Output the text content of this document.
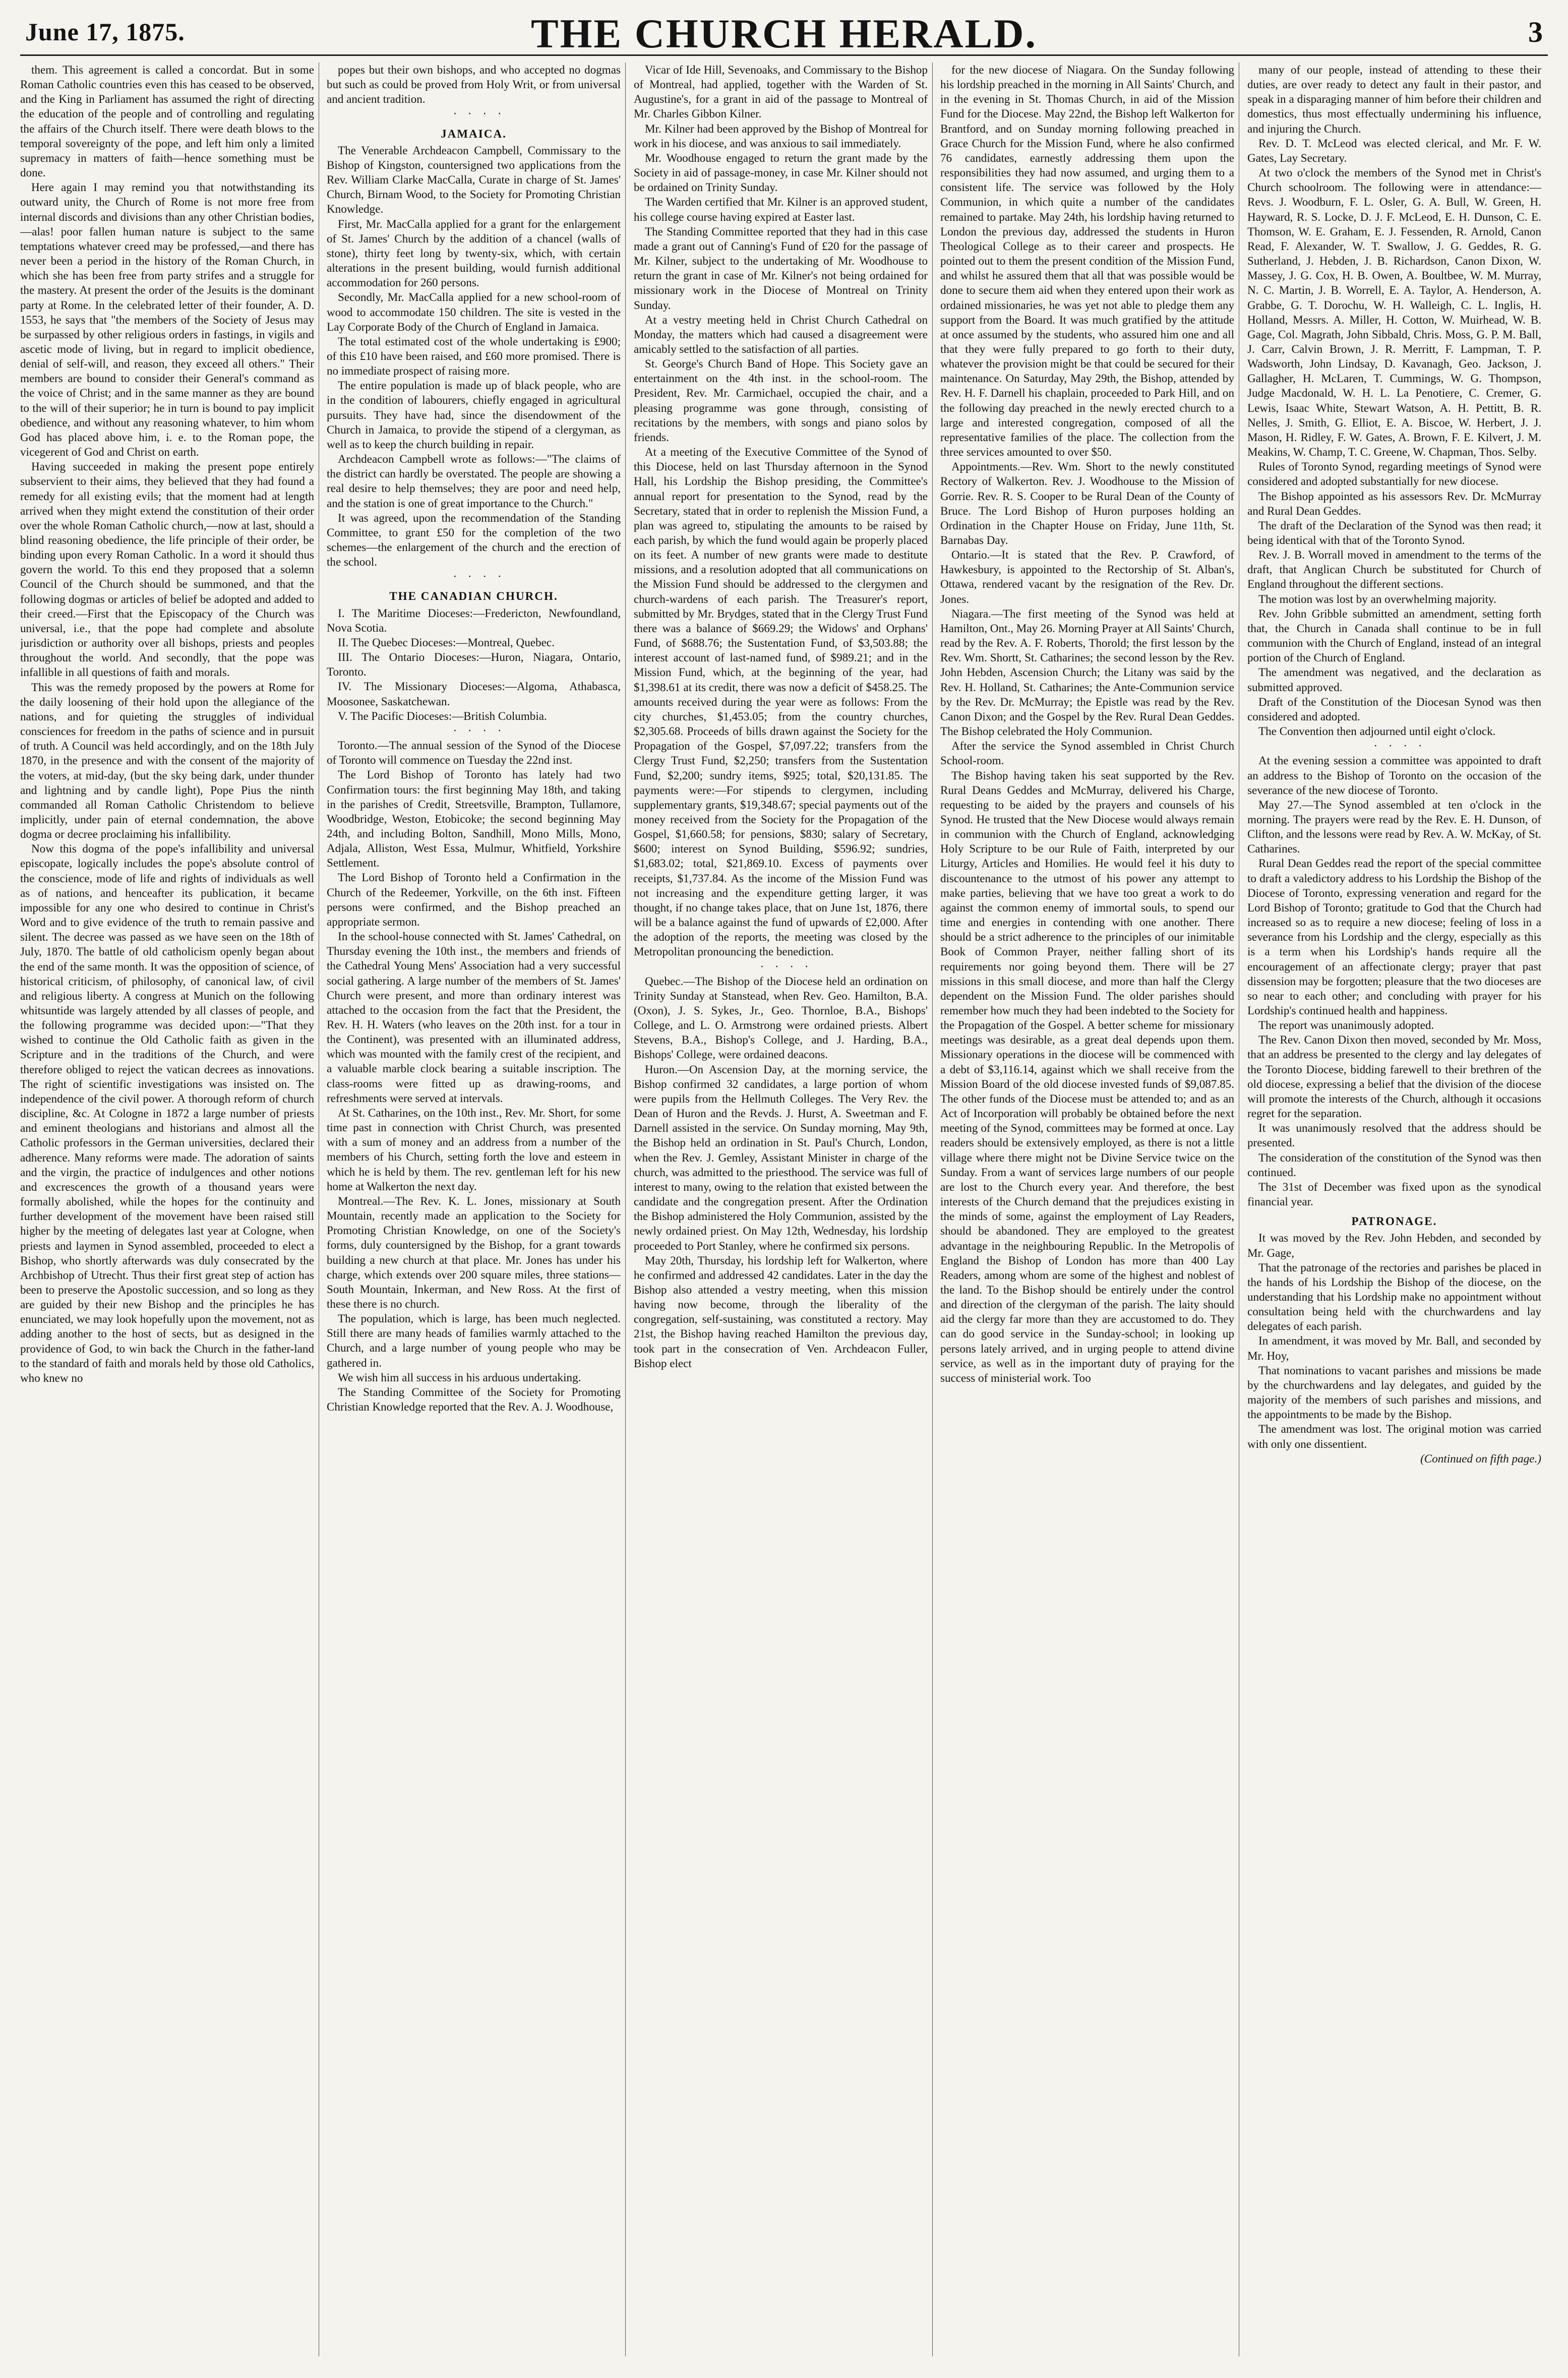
June 17, 1875.	THE CHURCH HERALD.	3

them. This agreement is called a concordat. But in some Roman Catholic countries even this has ceased to be observed, and the King in Parliament has assumed the right of directing the education of the people and of controlling and regulating the affairs of the Church itself. There were death blows to the temporal sovereignty of the pope, and left him only a limited supremacy in matters of faith—hence something must be done.

Here again I may remind you that notwithstanding its outward unity, the Church of Rome is not more free from internal discords and divisions than any other Christian bodies,—alas! poor fallen human nature is subject to the same temptations whatever creed may be professed,—and there has never been a period in the history of the Roman Church, in which she has been free from party strifes and a struggle for the mastery. At present the order of the Jesuits is the dominant party at Rome. In the celebrated letter of their founder, A. D. 1553, he says that "the members of the Society of Jesus may be surpassed by other religious orders in fastings, in vigils and ascetic mode of living, but in regard to implicit obedience, denial of self-will, and reason, they exceed all others." Their members are bound to consider their General's command as the voice of Christ; and in the same manner as they are bound to the will of their superior; he in turn is bound to pay implicit obedience, and without any reasoning whatever, to him whom God has placed above him, i. e. to the Roman pope, the vicegerent of God and Christ on earth.

Having succeeded in making the present pope entirely subservient to their aims, they believed that they had found a remedy for all existing evils; that the moment had at length arrived when they might extend the constitution of their order over the whole Roman Catholic church,—now at last, should a blind reasoning obedience, the life principle of their order, be binding upon every Roman Catholic. In a word it should thus govern the world. To this end they proposed that a solemn Council of the Church should be summoned, and that the following dogmas or articles of belief be adopted and added to their creed.—First that the Episcopacy of the Church was universal, i.e., that the pope had complete and absolute jurisdiction or authority over all bishops, priests and peoples throughout the world. And secondly, that the pope was infallible in all questions of faith and morals.

This was the remedy proposed by the powers at Rome for the daily loosening of their hold upon the allegiance of the nations, and for quieting the struggles of individual consciences for freedom in the paths of science and in pursuit of truth. A Council was held accordingly, and on the 18th July 1870, in the presence and with the consent of the majority of the voters, at mid-day, (but the sky being dark, under thunder and lightning and by candle light), Pope Pius the ninth commanded all Roman Catholic Christendom to believe implicitly, under pain of eternal condemnation, the above dogma or decree proclaiming his infallibility.

Now this dogma of the pope's infallibility and universal episcopate, logically includes the pope's absolute control of the conscience, mode of life and rights of individuals as well as of nations, and henceafter its publication, it became impossible for any one who desired to continue in Christ's Word and to give evidence of the truth to remain passive and silent. The decree was passed as we have seen on the 18th of July, 1870. The battle of old catholicism openly began about the end of the same month. It was the opposition of science, of historical criticism, of philosophy, of canonical law, of civil and religious liberty. A congress at Munich on the following whitsuntide was largely attended by all classes of people, and the following programme was decided upon:—"That they wished to continue the Old Catholic faith as given in the Scripture and in the traditions of the Church, and were therefore obliged to reject the vatican decrees as innovations. The right of scientific investigations was insisted on. The independence of the civil power. A thorough reform of church discipline, &c. At Cologne in 1872 a large number of priests and eminent theologians and historians and almost all the Catholic professors in the German universities, declared their adherence. Many reforms were made. The adoration of saints and the virgin, the practice of indulgences and other notions and excrescences the growth of a thousand years were formally abolished, while the hopes for the continuity and further development of the movement have been raised still higher by the meeting of delegates last year at Cologne, when priests and laymen in Synod assembled, proceeded to elect a Bishop, who shortly afterwards was duly consecrated by the Archbishop of Utrecht. Thus their first great step of action has been to preserve the Apostolic succession, and so long as they are guided by their new Bishop and the principles he has enunciated, we may look hopefully upon the movement, not as adding another to the host of sects, but as designed in the providence of God, to win back the Church in the father-land to the standard of faith and morals held by those old Catholics, who knew no

popes but their own bishops, and who accepted no dogmas but such as could be proved from Holy Writ, or from universal and ancient tradition.

· · · ·

JAMAICA.

The Venerable Archdeacon Campbell, Commissary to the Bishop of Kingston, countersigned two applications from the Rev. William Clarke MacCalla, Curate in charge of St. James' Church, Birnam Wood, to the Society for Promoting Christian Knowledge.

First, Mr. MacCalla applied for a grant for the enlargement of St. James' Church by the addition of a chancel (walls of stone), thirty feet long by twenty-six, which, with certain alterations in the present building, would furnish additional accommodation for 260 persons.

Secondly, Mr. MacCalla applied for a new school-room of wood to accommodate 150 children. The site is vested in the Lay Corporate Body of the Church of England in Jamaica.

The total estimated cost of the whole undertaking is £900; of this £10 have been raised, and £60 more promised. There is no immediate prospect of raising more.

The entire population is made up of black people, who are in the condition of labourers, chiefly engaged in agricultural pursuits. They have had, since the disendowment of the Church in Jamaica, to provide the stipend of a clergyman, as well as to keep the church building in repair.

Archdeacon Campbell wrote as follows:—"The claims of the district can hardly be overstated. The people are showing a real desire to help themselves; they are poor and need help, and the station is one of great importance to the Church."

It was agreed, upon the recommendation of the Standing Committee, to grant £50 for the completion of the two schemes—the enlargement of the church and the erection of the school.

· · · ·

THE CANADIAN CHURCH.

I. The Maritime Dioceses:—Fredericton, Newfoundland, Nova Scotia.

II. The Quebec Dioceses:—Montreal, Quebec.

III. The Ontario Dioceses:—Huron, Niagara, Ontario, Toronto.

IV. The Missionary Dioceses:—Algoma, Athabasca, Moosonee, Saskatchewan.

V. The Pacific Dioceses:—British Columbia.

· · · ·

Toronto.—The annual session of the Synod of the Diocese of Toronto will commence on Tuesday the 22nd inst.

The Lord Bishop of Toronto has lately had two Confirmation tours: the first beginning May 18th, and taking in the parishes of Credit, Streetsville, Brampton, Tullamore, Woodbridge, Weston, Etobicoke; the second beginning May 24th, and including Bolton, Sandhill, Mono Mills, Mono, Adjala, Alliston, West Essa, Mulmur, Whitfield, Yorkshire Settlement.

The Lord Bishop of Toronto held a Confirmation in the Church of the Redeemer, Yorkville, on the 6th inst. Fifteen persons were confirmed, and the Bishop preached an appropriate sermon.

In the school-house connected with St. James' Cathedral, on Thursday evening the 10th inst., the members and friends of the Cathedral Young Mens' Association had a very successful social gathering. A large number of the members of St. James' Church were present, and more than ordinary interest was attached to the occasion from the fact that the President, the Rev. H. H. Waters (who leaves on the 20th inst. for a tour in the Continent), was presented with an illuminated address, which was mounted with the family crest of the recipient, and a valuable marble clock bearing a suitable inscription. The class-rooms were fitted up as drawing-rooms, and refreshments were served at intervals.

At St. Catharines, on the 10th inst., Rev. Mr. Short, for some time past in connection with Christ Church, was presented with a sum of money and an address from a number of the members of his Church, setting forth the love and esteem in which he is held by them. The rev. gentleman left for his new home at Walkerton the next day.

Montreal.—The Rev. K. L. Jones, missionary at South Mountain, recently made an application to the Society for Promoting Christian Knowledge, on one of the Society's forms, duly countersigned by the Bishop, for a grant towards building a new church at that place. Mr. Jones has under his charge, which extends over 200 square miles, three stations—South Mountain, Inkerman, and New Ross. At the first of these there is no church.

The population, which is large, has been much neglected. Still there are many heads of families warmly attached to the Church, and a large number of young people who may be gathered in.

We wish him all success in his arduous undertaking.

The Standing Committee of the Society for Promoting Christian Knowledge reported that the Rev. A. J. Woodhouse,

Vicar of Ide Hill, Sevenoaks, and Commissary to the Bishop of Montreal, had applied, together with the Warden of St. Augustine's, for a grant in aid of the passage to Montreal of Mr. Charles Gibbon Kilner.

Mr. Kilner had been approved by the Bishop of Montreal for work in his diocese, and was anxious to sail immediately.

Mr. Woodhouse engaged to return the grant made by the Society in aid of passage-money, in case Mr. Kilner should not be ordained on Trinity Sunday.

The Warden certified that Mr. Kilner is an approved student, his college course having expired at Easter last.

The Standing Committee reported that they had in this case made a grant out of Canning's Fund of £20 for the passage of Mr. Kilner, subject to the undertaking of Mr. Woodhouse to return the grant in case of Mr. Kilner's not being ordained for missionary work in the Diocese of Montreal on Trinity Sunday.

At a vestry meeting held in Christ Church Cathedral on Monday, the matters which had caused a disagreement were amicably settled to the satisfaction of all parties.

St. George's Church Band of Hope. This Society gave an entertainment on the 4th inst. in the school-room. The President, Rev. Mr. Carmichael, occupied the chair, and a pleasing programme was gone through, consisting of recitations by the members, with songs and piano solos by friends.

At a meeting of the Executive Committee of the Synod of this Diocese, held on last Thursday afternoon in the Synod Hall, his Lordship the Bishop presiding, the Committee's annual report for presentation to the Synod, read by the Secretary, stated that in order to replenish the Mission Fund, a plan was agreed to, stipulating the amounts to be raised by each parish, by which the fund would again be properly placed on its feet. A number of new grants were made to destitute missions, and a resolution adopted that all communications on the Mission Fund should be addressed to the clergymen and church-wardens of each parish. The Treasurer's report, submitted by Mr. Brydges, stated that in the Clergy Trust Fund there was a balance of $669.29; the Widows' and Orphans' Fund, of $688.76; the Sustentation Fund, of $3,503.88; the interest account of last-named fund, of $989.21; and in the Mission Fund, which, at the beginning of the year, had $1,398.61 at its credit, there was now a deficit of $458.25. The amounts received during the year were as follows: From the city churches, $1,453.05; from the country churches, $2,305.68. Proceeds of bills drawn against the Society for the Propagation of the Gospel, $7,097.22; transfers from the Clergy Trust Fund, $2,250; transfers from the Sustentation Fund, $2,200; sundry items, $925; total, $20,131.85. The payments were:—For stipends to clergymen, including supplementary grants, $19,348.67; special payments out of the money received from the Society for the Propagation of the Gospel, $1,660.58; for pensions, $830; salary of Secretary, $600; interest on Synod Building, $596.92; sundries, $1,683.02; total, $21,869.10. Excess of payments over receipts, $1,737.84. As the income of the Mission Fund was not increasing and the expenditure getting larger, it was thought, if no change takes place, that on June 1st, 1876, there will be a balance against the fund of upwards of £2,000. After the adoption of the reports, the meeting was closed by the Metropolitan pronouncing the benediction.

· · · ·

Quebec.—The Bishop of the Diocese held an ordination on Trinity Sunday at Stanstead, when Rev. Geo. Hamilton, B.A. (Oxon), J. S. Sykes, Jr., Geo. Thornloe, B.A., Bishops' College, and L. O. Armstrong were ordained priests. Albert Stevens, B.A., Bishop's College, and J. Harding, B.A., Bishops' College, were ordained deacons.

Huron.—On Ascension Day, at the morning service, the Bishop confirmed 32 candidates, a large portion of whom were pupils from the Hellmuth Colleges. The Very Rev. the Dean of Huron and the Revds. J. Hurst, A. Sweetman and F. Darnell assisted in the service. On Sunday morning, May 9th, the Bishop held an ordination in St. Paul's Church, London, when the Rev. J. Gemley, Assistant Minister in charge of the church, was admitted to the priesthood. The service was full of interest to many, owing to the relation that existed between the candidate and the congregation present. After the Ordination the Bishop administered the Holy Communion, assisted by the newly ordained priest. On May 12th, Wednesday, his lordship proceeded to Port Stanley, where he confirmed six persons.

May 20th, Thursday, his lordship left for Walkerton, where he confirmed and addressed 42 candidates. Later in the day the Bishop also attended a vestry meeting, when this mission having now become, through the liberality of the congregation, self-sustaining, was constituted a rectory. May 21st, the Bishop having reached Hamilton the previous day, took part in the consecration of Ven. Archdeacon Fuller, Bishop elect

for the new diocese of Niagara. On the Sunday following his lordship preached in the morning in All Saints' Church, and in the evening in St. Thomas Church, in aid of the Mission Fund for the Diocese. May 22nd, the Bishop left Walkerton for Brantford, and on Sunday morning following preached in Grace Church for the Mission Fund, where he also confirmed 76 candidates, earnestly addressing them upon the responsibilities they had now assumed, and urging them to a consistent life. The service was followed by the Holy Communion, in which quite a number of the candidates remained to partake. May 24th, his lordship having returned to London the previous day, addressed the students in Huron Theological College as to their career and prospects. He pointed out to them the present condition of the Mission Fund, and whilst he assured them that all that was possible would be done to secure them aid when they entered upon their work as ordained missionaries, he was yet not able to pledge them any support from the Board. It was much gratified by the attitude at once assumed by the students, who assured him one and all that they were fully prepared to go forth to their duty, whatever the provision might be that could be secured for their maintenance. On Saturday, May 29th, the Bishop, attended by Rev. H. F. Darnell his chaplain, proceeded to Park Hill, and on the following day preached in the newly erected church to a large and interested congregation, composed of all the representative families of the place. The collection from the three services amounted to over $50.

Appointments.—Rev. Wm. Short to the newly constituted Rectory of Walkerton. Rev. J. Woodhouse to the Mission of Gorrie. Rev. R. S. Cooper to be Rural Dean of the County of Bruce. The Lord Bishop of Huron purposes holding an Ordination in the Chapter House on Friday, June 11th, St. Barnabas Day.

Ontario.—It is stated that the Rev. P. Crawford, of Hawkesbury, is appointed to the Rectorship of St. Alban's, Ottawa, rendered vacant by the resignation of the Rev. Dr. Jones.

Niagara.—The first meeting of the Synod was held at Hamilton, Ont., May 26. Morning Prayer at All Saints' Church, read by the Rev. A. F. Roberts, Thorold; the first lesson by the Rev. Wm. Shortt, St. Catharines; the second lesson by the Rev. John Hebden, Ascension Church; the Litany was said by the Rev. H. Holland, St. Catharines; the Ante-Communion service by the Rev. Dr. McMurray; the Epistle was read by the Rev. Canon Dixon; and the Gospel by the Rev. Rural Dean Geddes. The Bishop celebrated the Holy Communion.

After the service the Synod assembled in Christ Church School-room.

The Bishop having taken his seat supported by the Rev. Rural Deans Geddes and McMurray, delivered his Charge, requesting to be aided by the prayers and counsels of his Synod. He trusted that the New Diocese would always remain in communion with the Church of England, acknowledging Holy Scripture to be our Rule of Faith, interpreted by our Liturgy, Articles and Homilies. He would feel it his duty to discountenance to the utmost of his power any attempt to make parties, believing that we have too great a work to do against the common enemy of immortal souls, to spend our time and energies in contending with one another. There should be a strict adherence to the principles of our inimitable Book of Common Prayer, neither falling short of its requirements nor going beyond them. There will be 27 missions in this small diocese, and more than half the Clergy dependent on the Mission Fund. The older parishes should remember how much they had been indebted to the Society for the Propagation of the Gospel. A better scheme for missionary meetings was desirable, as a great deal depends upon them. Missionary operations in the diocese will be commenced with a debt of $3,116.14, against which we shall receive from the Mission Board of the old diocese invested funds of $9,087.85. The other funds of the Diocese must be attended to; and as an Act of Incorporation will probably be obtained before the next meeting of the Synod, committees may be formed at once. Lay readers should be extensively employed, as there is not a little village where there might not be Divine Service twice on the Sunday. From a want of services large numbers of our people are lost to the Church every year. And therefore, the best interests of the Church demand that the prejudices existing in the minds of some, against the employment of Lay Readers, should be abandoned. They are employed to the greatest advantage in the neighbouring Republic. In the Metropolis of England the Bishop of London has more than 400 Lay Readers, among whom are some of the highest and noblest of the land. To the Bishop should be entirely under the control and direction of the clergyman of the parish. The laity should aid the clergy far more than they are accustomed to do. They can do good service in the Sunday-school; in looking up persons lately arrived, and in urging people to attend divine service, as well as in the important duty of praying for the success of ministerial work. Too

many of our people, instead of attending to these their duties, are over ready to detect any fault in their pastor, and speak in a disparaging manner of him before their children and domestics, thus most effectually undermining his influence, and injuring the Church.

Rev. D. T. McLeod was elected clerical, and Mr. F. W. Gates, Lay Secretary.

At two o'clock the members of the Synod met in Christ's Church schoolroom. The following were in attendance:—Revs. J. Woodburn, F. L. Osler, G. A. Bull, W. Green, H. Hayward, R. S. Locke, D. J. F. McLeod, E. H. Dunson, C. E. Thomson, W. E. Graham, E. J. Fessenden, R. Arnold, Canon Read, F. Alexander, W. T. Swallow, J. G. Geddes, R. G. Sutherland, J. Hebden, J. B. Richardson, Canon Dixon, W. Massey, J. G. Cox, H. B. Owen, A. Boultbee, W. M. Murray, N. C. Martin, J. B. Worrell, E. A. Taylor, A. Henderson, A. Grabbe, G. T. Dorochu, W. H. Walleigh, C. L. Inglis, H. Holland, Messrs. A. Miller, H. Cotton, W. Muirhead, W. B. Gage, Col. Magrath, John Sibbald, Chris. Moss, G. P. M. Ball, J. Carr, Calvin Brown, J. R. Merritt, F. Lampman, T. P. Wadsworth, John Lindsay, D. Kavanagh, Geo. Jackson, J. Gallagher, H. McLaren, T. Cummings, W. G. Thompson, Judge Macdonald, W. H. L. La Penotiere, C. Cremer, G. Lewis, Isaac White, Stewart Watson, A. H. Pettitt, B. R. Nelles, J. Smith, G. Elliot, E. A. Biscoe, W. Herbert, J. J. Mason, H. Ridley, F. W. Gates, A. Brown, F. E. Kilvert, J. M. Meakins, W. Champ, T. C. Greene, W. Chapman, Thos. Selby.

Rules of Toronto Synod, regarding meetings of Synod were considered and adopted substantially for new diocese.

The Bishop appointed as his assessors Rev. Dr. McMurray and Rural Dean Geddes.

The draft of the Declaration of the Synod was then read; it being identical with that of the Toronto Synod.

Rev. J. B. Worrall moved in amendment to the terms of the draft, that Anglican Church be substituted for Church of England throughout the different sections.

The motion was lost by an overwhelming majority.

Rev. John Gribble submitted an amendment, setting forth that, the Church in Canada shall continue to be in full communion with the Church of England, instead of an integral portion of the Church of England.

The amendment was negatived, and the declaration as submitted approved.

Draft of the Constitution of the Diocesan Synod was then considered and adopted.

The Convention then adjourned until eight o'clock.

· · · ·

At the evening session a committee was appointed to draft an address to the Bishop of Toronto on the occasion of the severance of the new diocese of Toronto.

May 27.—The Synod assembled at ten o'clock in the morning. The prayers were read by the Rev. E. H. Dunson, of Clifton, and the lessons were read by Rev. A. W. McKay, of St. Catharines.

Rural Dean Geddes read the report of the special committee to draft a valedictory address to his Lordship the Bishop of the Diocese of Toronto, expressing veneration and regard for the Lord Bishop of Toronto; gratitude to God that the Church had increased so as to require a new diocese; feeling of loss in a severance from his Lordship and the clergy, especially as this is a term when his Lordship's hands require all the encouragement of an affectionate clergy; prayer that past dissension may be forgotten; pleasure that the two dioceses are so near to each other; and concluding with prayer for his Lordship's continued health and happiness.

The report was unanimously adopted.

The Rev. Canon Dixon then moved, seconded by Mr. Moss, that an address be presented to the clergy and lay delegates of the Toronto Diocese, bidding farewell to their brethren of the old diocese, expressing a belief that the division of the diocese will promote the interests of the Church, although it occasions regret for the separation.

It was unanimously resolved that the address should be presented.

The consideration of the constitution of the Synod was then continued.

The 31st of December was fixed upon as the synodical financial year.

PATRONAGE.

It was moved by the Rev. John Hebden, and seconded by Mr. Gage,

That the patronage of the rectories and parishes be placed in the hands of his Lordship the Bishop of the diocese, on the understanding that his Lordship make no appointment without consultation being held with the churchwardens and lay delegates of each parish.

In amendment, it was moved by Mr. Ball, and seconded by Mr. Hoy,

That nominations to vacant parishes and missions be made by the churchwardens and lay delegates, and guided by the majority of the members of such parishes and missions, and the appointments to be made by the Bishop.

The amendment was lost. The original motion was carried with only one dissentient.

(Continued on fifth page.)
